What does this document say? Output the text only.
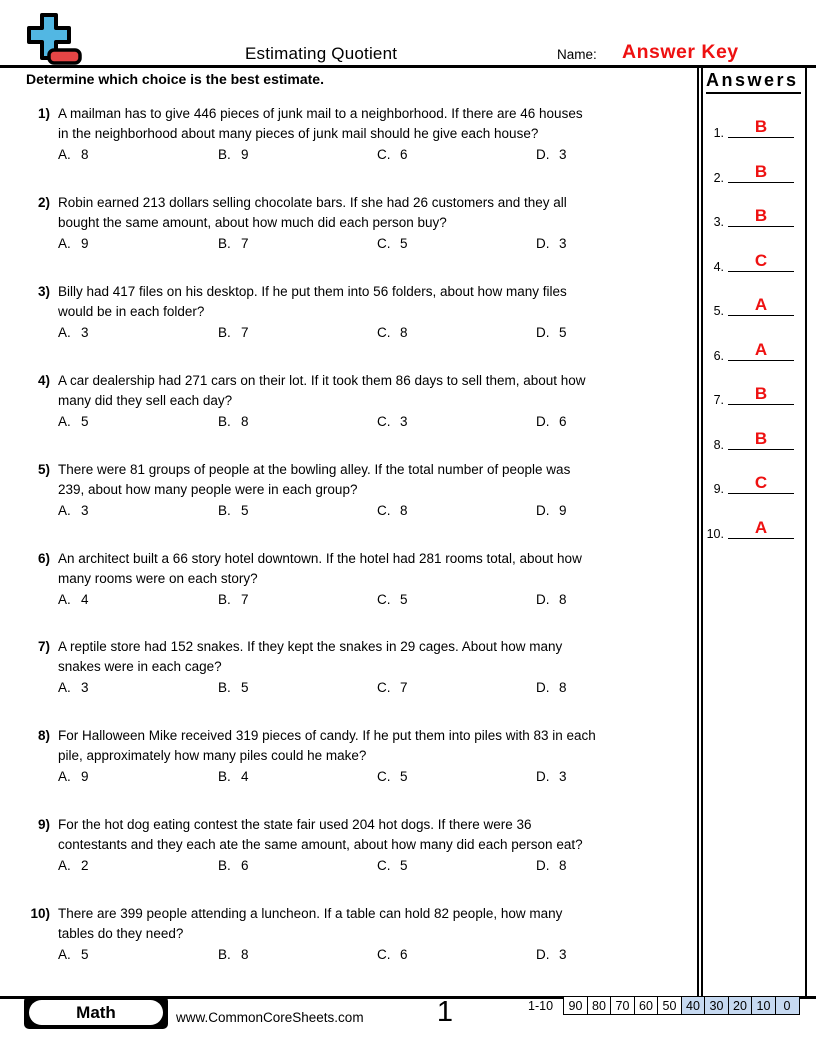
Estimating Quotient	Name: Answer Key
Determine which choice is the best estimate.
1) A mailman has to give 446 pieces of junk mail to a neighborhood. If there are 46 houses
in the neighborhood about many pieces of junk mail should he give each house?
A. 8	B. 9	C. 6	D. 3
2) Robin earned 213 dollars selling chocolate bars. If she had 26 customers and they all
bought the same amount, about how much did each person buy?
A. 9	B. 7	C. 5	D. 3
3) Billy had 417 files on his desktop. If he put them into 56 folders, about how many files
would be in each folder?
A. 3	B. 7	C. 8	D. 5
4) A car dealership had 271 cars on their lot. If it took them 86 days to sell them, about how
many did they sell each day?
A. 5	B. 8	C. 3	D. 6
5) There were 81 groups of people at the bowling alley. If the total number of people was
239, about how many people were in each group?
A. 3	B. 5	C. 8	D. 9
6) An architect built a 66 story hotel downtown. If the hotel had 281 rooms total, about how
many rooms were on each story?
A. 4	B. 7	C. 5	D. 8
7) A reptile store had 152 snakes. If they kept the snakes in 29 cages. About how many
snakes were in each cage?
A. 3	B. 5	C. 7	D. 8
8) For Halloween Mike received 319 pieces of candy. If he put them into piles with 83 in each
pile, approximately how many piles could he make?
A. 9	B. 4	C. 5	D. 3
9) For the hot dog eating contest the state fair used 204 hot dogs. If there were 36
contestants and they each ate the same amount, about how many did each person eat?
A. 2	B. 6	C. 5	D. 8
10) There are 399 people attending a luncheon. If a table can hold 82 people, how many
tables do they need?
A. 5	B. 8	C. 6	D. 3
Answers
1.	B
2.	B
3.	B
4.	C
5.	A
6.	A
7.	B
8.	B
9.	C
10.	A
Math	www.CommonCoreSheets.com	1	1-10	90 80 70 60 50 40 30 20 10	0
